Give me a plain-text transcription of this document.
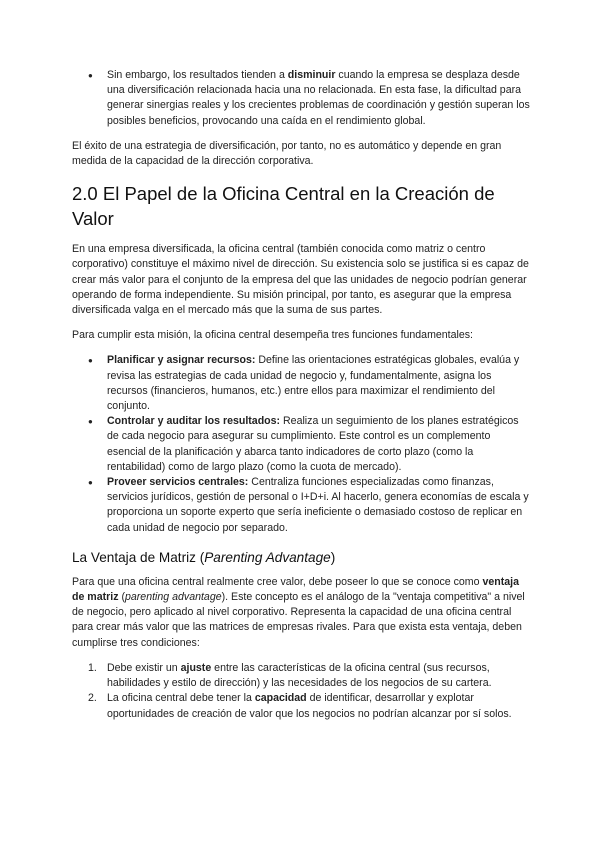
● Sin embargo, los resultados tienden a disminuir cuando la empresa se desplaza desde una diversificación relacionada hacia una no relacionada. En esta fase, la dificultad para generar sinergias reales y los crecientes problemas de coordinación y gestión superan los posibles beneficios, provocando una caída en el rendimiento global.

El éxito de una estrategia de diversificación, por tanto, no es automático y depende en gran medida de la capacidad de la dirección corporativa.

2.0 El Papel de la Oficina Central en la Creación de Valor

En una empresa diversificada, la oficina central (también conocida como matriz o centro corporativo) constituye el máximo nivel de dirección. Su existencia solo se justifica si es capaz de crear más valor para el conjunto de la empresa del que las unidades de negocio podrían generar operando de forma independiente. Su misión principal, por tanto, es asegurar que la empresa diversificada valga en el mercado más que la suma de sus partes.

Para cumplir esta misión, la oficina central desempeña tres funciones fundamentales:

● Planificar y asignar recursos: Define las orientaciones estratégicas globales, evalúa y revisa las estrategias de cada unidad de negocio y, fundamentalmente, asigna los recursos (financieros, humanos, etc.) entre ellos para maximizar el rendimiento del conjunto.
● Controlar y auditar los resultados: Realiza un seguimiento de los planes estratégicos de cada negocio para asegurar su cumplimiento. Este control es un complemento esencial de la planificación y abarca tanto indicadores de corto plazo (como la rentabilidad) como de largo plazo (como la cuota de mercado).
● Proveer servicios centrales: Centraliza funciones especializadas como finanzas, servicios jurídicos, gestión de personal o I+D+i. Al hacerlo, genera economías de escala y proporciona un soporte experto que sería ineficiente o demasiado costoso de replicar en cada unidad de negocio por separado.
La Ventaja de Matriz (Parenting Advantage)

Para que una oficina central realmente cree valor, debe poseer lo que se conoce como ventaja de matriz (parenting advantage). Este concepto es el análogo de la "ventaja competitiva" a nivel de negocio, pero aplicado al nivel corporativo. Representa la capacidad de una oficina central para crear más valor que las matrices de empresas rivales. Para que exista esta ventaja, deben cumplirse tres condiciones:

1. Debe existir un ajuste entre las características de la oficina central (sus recursos, habilidades y estilo de dirección) y las necesidades de los negocios de su cartera.
2. La oficina central debe tener la capacidad de identificar, desarrollar y explotar oportunidades de creación de valor que los negocios no podrían alcanzar por sí solos.
